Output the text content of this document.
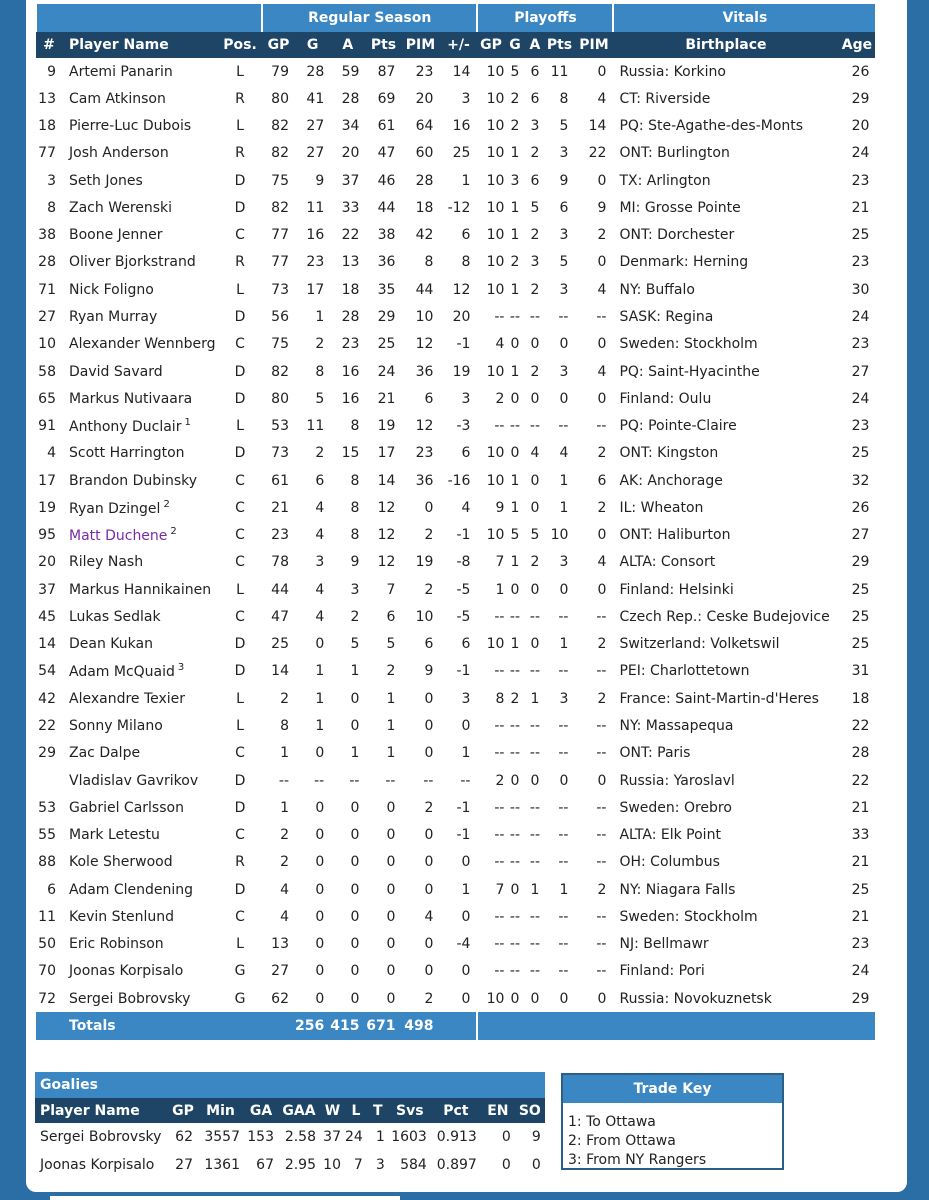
			Regular Season						Playoffs					Vitals	
#	Player Name	Pos.	GP	G	A	Pts	PIM	+/-	GP	G	A	Pts	PIM	Birthplace	Age
9	Artemi Panarin	L	79	28	59	87	23	14	10	5	6	11	0	Russia: Korkino	26
13	Cam Atkinson	R	80	41	28	69	20	3	10	2	6	8	4	CT: Riverside	29
18	Pierre-Luc Dubois	L	82	27	34	61	64	16	10	2	3	5	14	PQ: Ste-Agathe-des-Monts	20
77	Josh Anderson	R	82	27	20	47	60	25	10	1	2	3	22	ONT: Burlington	24
3	Seth Jones	D	75	9	37	46	28	1	10	3	6	9	0	TX: Arlington	23
8	Zach Werenski	D	82	11	33	44	18	-12	10	1	5	6	9	MI: Grosse Pointe	21
38	Boone Jenner	C	77	16	22	38	42	6	10	1	2	3	2	ONT: Dorchester	25
28	Oliver Bjorkstrand	R	77	23	13	36	8	8	10	2	3	5	0	Denmark: Herning	23
71	Nick Foligno	L	73	17	18	35	44	12	10	1	2	3	4	NY: Buffalo	30
27	Ryan Murray	D	56	1	28	29	10	20	--	--	--	--	--	SASK: Regina	24
10	Alexander Wennberg	C	75	2	23	25	12	-1	4	0	0	0	0	Sweden: Stockholm	23
58	David Savard	D	82	8	16	24	36	19	10	1	2	3	4	PQ: Saint-Hyacinthe	27
65	Markus Nutivaara	D	80	5	16	21	6	3	2	0	0	0	0	Finland: Oulu	24
91	Anthony Duclair $^1$	L	53	11	8	19	12	-3	--	--	--	--	--	PQ: Pointe-Claire	23
4	Scott Harrington	D	73	2	15	17	23	6	10	0	4	4	2	ONT: Kingston	25
17	Brandon Dubinsky	C	61	6	8	14	36	-16	10	1	0	1	6	AK: Anchorage	32
19	Ryan Dzingel $^2$	C	21	4	8	12	0	4	9	1	0	1	2	IL: Wheaton	26
95	Matt Duchene $^2$	C	23	4	8	12	2	-1	10	5	5	10	0	ONT: Haliburton	27
20	Riley Nash	C	78	3	9	12	19	-8	7	1	2	3	4	ALTA: Consort	29
37	Markus Hannikainen	L	44	4	3	7	2	-5	1	0	0	0	0	Finland: Helsinki	25
45	Lukas Sedlak	C	47	4	2	6	10	-5	--	--	--	--	--	Czech Rep.: Ceske Budejovice	25
14	Dean Kukan	D	25	0	5	5	6	6	10	1	0	1	2	Switzerland: Volketswil	25
54	Adam McQuaid $^3$	D	14	1	1	2	9	-1	--	--	--	--	--	PEI: Charlottetown	31
42	Alexandre Texier	L	2	1	0	1	0	3	8	2	1	3	2	France: Saint-Martin-d'Heres	18
22	Sonny Milano	L	8	1	0	1	0	0	--	--	--	--	--	NY: Massapequa	22
29	Zac Dalpe	C	1	0	1	1	0	1	--	--	--	--	--	ONT: Paris	28
	Vladislav Gavrikov	D	--	--	--	--	--	--	2	0	0	0	0	Russia: Yaroslavl	22
53	Gabriel Carlsson	D	1	0	0	0	2	-1	--	--	--	--	--	Sweden: Orebro	21
55	Mark Letestu	C	2	0	0	0	0	-1	--	--	--	--	--	ALTA: Elk Point	33
88	Kole Sherwood	R	2	0	0	0	0	0	--	--	--	--	--	OH: Columbus	21
6	Adam Clendening	D	4	0	0	0	0	1	7	0	1	1	2	NY: Niagara Falls	25
11	Kevin Stenlund	C	4	0	0	0	4	0	--	--	--	--	--	Sweden: Stockholm	21
50	Eric Robinson	L	13	0	0	0	0	-4	--	--	--	--	--	NJ: Bellmawr	23
70	Joonas Korpisalo	G	27	0	0	0	0	0	--	--	--	--	--	Finland: Pori	24
72	Sergei Bobrovsky	G	62	0	0	0	2	0	10	0	0	0	0	Russia: Novokuznetsk	29
	Totals			256	415	671	498								
Goalies											
Player Name	GP	Min	GA	GAA	W	L	T	Svs	Pct	EN	SO
Sergei Bobrovsky	62	3557	153	2.58	37	24	1	1603	0.913	0	9
Joonas Korpisalo	27	1361	67	2.95	10	7	3	584	0.897	0	0
Trade Key
1: To Ottawa
2: From Ottawa
3: From NY Rangers
